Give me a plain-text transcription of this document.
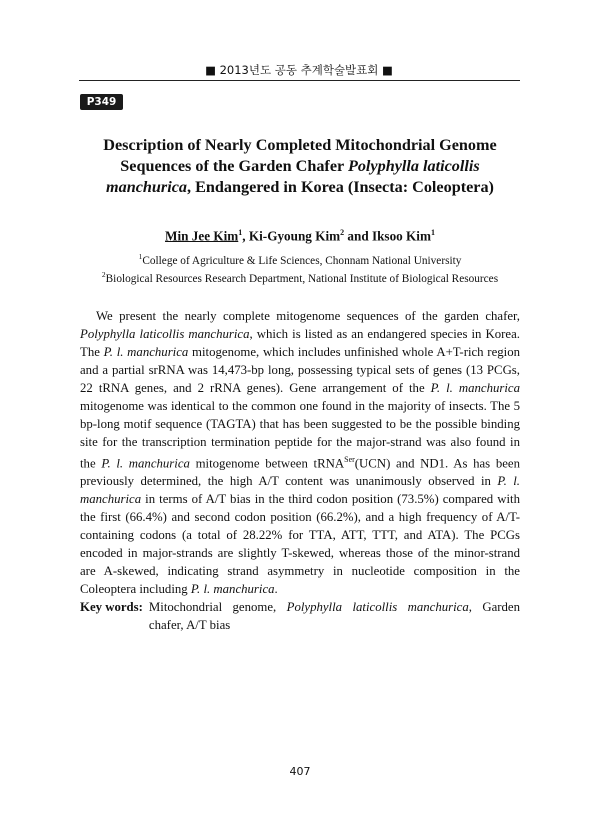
■ 2013년도 공동 추계학술발표회 ■
P349
Description of Nearly Completed Mitochondrial Genome Sequences of the Garden Chafer Polyphylla laticollis manchurica, Endangered in Korea (Insecta: Coleoptera)
Min Jee Kim$^1$, Ki-Gyoung Kim$^2$ and Iksoo Kim$^1$
$^1$College of Agriculture & Life Sciences, Chonnam National University
$^2$Biological Resources Research Department, National Institute of Biological Resources

We present the nearly complete mitogenome sequences of the garden chafer, Polyphylla laticollis manchurica, which is listed as an endangered species in Korea. The P. l. manchurica mitogenome, which includes unfinished whole A+T-rich region and a partial srRNA was 14,473-bp long, possessing typical sets of genes (13 PCGs, 22 tRNA genes, and 2 rRNA genes). Gene arrangement of the P. l. manchurica mitogenome was identical to the common one found in the majority of insects. The 5 bp-long motif sequence (TAGTA) that has been suggested to be the possible binding site for the transcription termination peptide for the major-strand was also found in the P. l. manchurica mitogenome between tRNA$^{Ser}$(UCN) and ND1. As has been previously determined, the high A/T content was unanimously observed in P. l. manchurica in terms of A/T bias in the third codon position (73.5%) compared with the first (66.4%) and second codon position (66.2%), and a high frequency of A/T-containing codons (a total of 28.22% for TTA, ATT, TTT, and ATA). The PCGs encoded in major-strands are slightly T-skewed, whereas those of the minor-strand are A-skewed, indicating strand asymmetry in nucleotide composition in the Coleoptera including P. l. manchurica.

Key words: Mitochondrial genome, Polyphylla laticollis manchurica, Garden chafer, A/T bias
407
